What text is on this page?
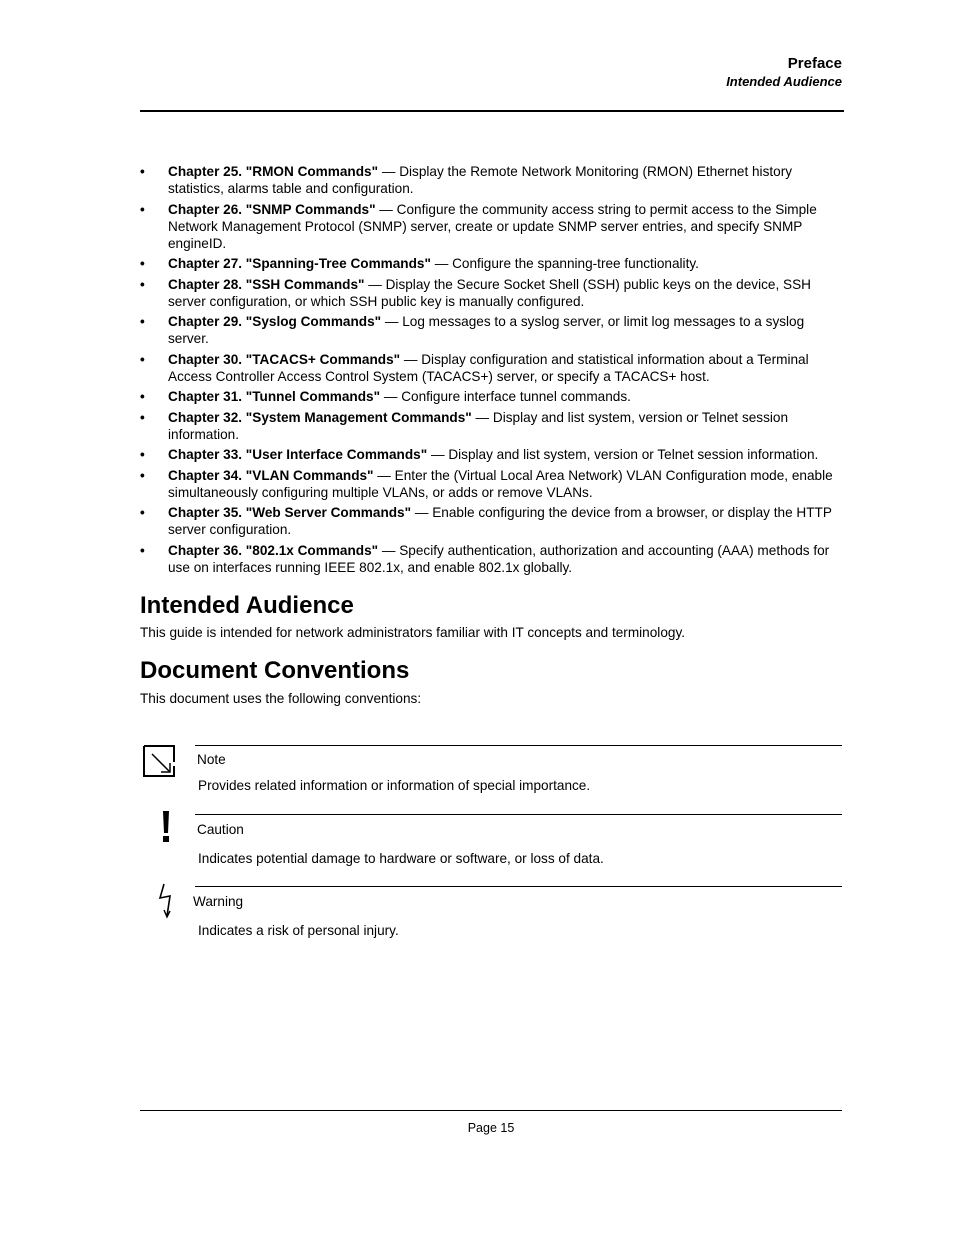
Preface
Intended Audience
• Chapter 25. "RMON Commands" — Display the Remote Network Monitoring (RMON) Ethernet history statistics, alarms table and configuration.
• Chapter 26. "SNMP Commands" — Configure the community access string to permit access to the Simple Network Management Protocol (SNMP) server, create or update SNMP server entries, and specify SNMP engineID.
• Chapter 27. "Spanning-Tree Commands" — Configure the spanning-tree functionality.
• Chapter 28. "SSH Commands" — Display the Secure Socket Shell (SSH) public keys on the device, SSH server configuration, or which SSH public key is manually configured.
• Chapter 29. "Syslog Commands" — Log messages to a syslog server, or limit log messages to a syslog server.
• Chapter 30. "TACACS+ Commands" — Display configuration and statistical information about a Terminal Access Controller Access Control System (TACACS+) server, or specify a TACACS+ host.
• Chapter 31. "Tunnel Commands" — Configure interface tunnel commands.
• Chapter 32. "System Management Commands" — Display and list system, version or Telnet session information.
• Chapter 33. "User Interface Commands" — Display and list system, version or Telnet session information.
• Chapter 34. "VLAN Commands" — Enter the (Virtual Local Area Network) VLAN Configuration mode, enable simultaneously configuring multiple VLANs, or adds or remove VLANs.
• Chapter 35. "Web Server Commands" — Enable configuring the device from a browser, or display the HTTP server configuration.
• Chapter 36. "802.1x Commands" — Specify authentication, authorization and accounting (AAA) methods for use on interfaces running IEEE 802.1x, and enable 802.1x globally.
Intended Audience

This guide is intended for network administrators familiar with IT concepts and terminology.

Document Conventions

This document uses the following conventions:

Note
Provides related information or information of special importance.
Caution
Indicates potential damage to hardware or software, or loss of data.
Warning
Indicates a risk of personal injury.
Page 15
